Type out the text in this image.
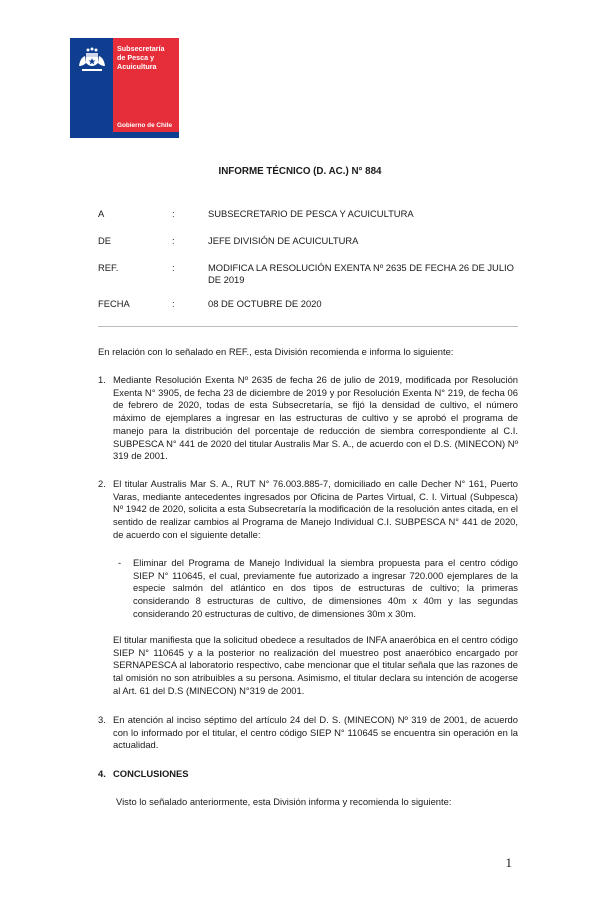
Subsecretaría
de Pesca y
Acuicultura
Gobierno de Chile
INFORME TÉCNICO (D. AC.) N° 884
A	:	SUBSECRETARIO DE PESCA Y ACUICULTURA
DE	:	JEFE DIVISIÓN DE ACUICULTURA
REF.	:	MODIFICA LA RESOLUCIÓN EXENTA Nº 2635 DE FECHA 26 DE JULIO DE 2019
FECHA	:	08 DE OCTUBRE DE 2020
En relación con lo señalado en REF., esta División recomienda e informa lo siguiente:
1. Mediante Resolución Exenta Nº 2635 de fecha 26 de julio de 2019, modificada por Resolución Exenta N° 3905, de fecha 23 de diciembre de 2019 y por Resolución Exenta N° 219, de fecha 06 de febrero de 2020, todas de esta Subsecretaría, se fijó la densidad de cultivo, el número máximo de ejemplares a ingresar en las estructuras de cultivo y se aprobó el programa de manejo para la distribución del porcentaje de reducción de siembra correspondiente al C.I. SUBPESCA N° 441 de 2020 del titular Australis Mar S. A., de acuerdo con el D.S. (MINECON) Nº 319 de 2001.
2. El titular Australis Mar S. A., RUT N° 76.003.885-7, domiciliado en calle Decher N° 161, Puerto Varas, mediante antecedentes ingresados por Oficina de Partes Virtual, C. I. Virtual (Subpesca) Nº 1942 de 2020, solicita a esta Subsecretaría la modificación de la resolución antes citada, en el sentido de realizar cambios al Programa de Manejo Individual C.I. SUBPESCA N° 441 de 2020, de acuerdo con el siguiente detalle:
- Eliminar del Programa de Manejo Individual la siembra propuesta para el centro código SIEP N° 110645, el cual, previamente fue autorizado a ingresar 720.000 ejemplares de la especie salmón del atlántico en dos tipos de estructuras de cultivo; la primeras considerando 8 estructuras de cultivo, de dimensiones 40m x 40m y las segundas considerando 20 estructuras de cultivo, de dimensiones 30m x 30m.
El titular manifiesta que la solicitud obedece a resultados de INFA anaeróbica en el centro código SIEP N° 110645 y a la posterior no realización del muestreo post anaeróbico encargado por SERNAPESCA al laboratorio respectivo, cabe mencionar que el titular señala que las razones de tal omisión no son atribuibles a su persona. Asimismo, el titular declara su intención de acogerse al Art. 61 del D.S (MINECON) N°319 de 2001.
3. En atención al inciso séptimo del artículo 24 del D. S. (MINECON) Nº 319 de 2001, de acuerdo con lo informado por el titular, el centro código SIEP N° 110645 se encuentra sin operación en la actualidad.
4. CONCLUSIONES
Visto lo señalado anteriormente, esta División informa y recomienda lo siguiente:
1
